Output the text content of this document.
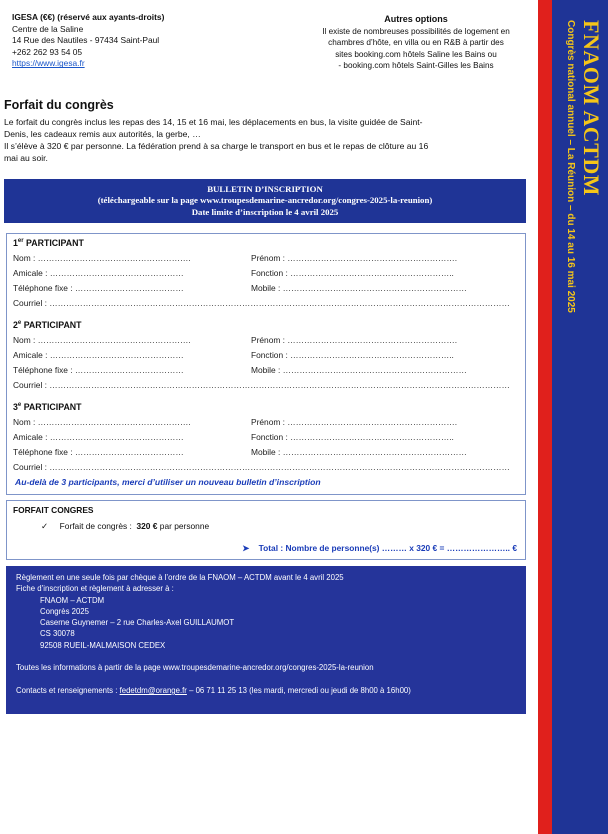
FNAOM ACTDM
Congrès national annuel – La Réunion – du 14 au 16 mai 2025
IGESA (€€) (réservé aux ayants-droits)
Centre de la Saline
14 Rue des Nautiles - 97434 Saint-Paul
+262 262 93 54 05
https://www.igesa.fr
Autres options
Il existe de nombreuses possibilités de logement en
chambres d’hôte, en villa ou en R&B à partir des
sites booking.com hôtels Saline les Bains ou
- booking.com hôtels Saint-Gilles les Bains
Forfait du congrès

Le forfait du congrès inclus les repas des 14, 15 et 16 mai, les déplacements en bus, la visite guidée de Saint-

Denis, les cadeaux remis aux autorités, la gerbe, …

Il s’élève à 320 € par personne. La fédération prend à sa charge le transport en bus et le repas de clôture au 16

mai au soir.

BULLETIN D’INSCRIPTION
(téléchargeable sur la page www.troupesdemarine-ancredor.org/congres-2025-la-reunion)
Date limite d’inscription le 4 avril 2025
1er PARTICIPANT
Nom : ……………………………………………….	Prénom : …………………………………………………….
Amicale : …………………………………………	Fonction : …………………………………………………..
Téléphone fixe : …………………………………	Mobile : …………………………………………………………
Courriel : …………………………………………………………………………………………………………………………………………………
2e PARTICIPANT
Nom : ……………………………………………….	Prénom : …………………………………………………….
Amicale : …………………………………………	Fonction : …………………………………………………..
Téléphone fixe : …………………………………	Mobile : …………………………………………………………
Courriel : …………………………………………………………………………………………………………………………………………………
3e PARTICIPANT
Nom : ……………………………………………….	Prénom : …………………………………………………….
Amicale : …………………………………………	Fonction : …………………………………………………..
Téléphone fixe : …………………………………	Mobile : …………………………………………………………
Courriel : …………………………………………………………………………………………………………………………………………………
Au-delà de 3 participants, merci d’utiliser un nouveau bulletin d’inscription
FORFAIT CONGRES
✓ Forfait de congrès : 320 € par personne
➤ Total : Nombre de personne(s) ……… x 320 € = ………………….. €
Règlement en une seule fois par chèque à l’ordre de la FNAOM – ACTDM avant le 4 avril 2025
Fiche d’inscription et règlement à adresser à :
FNAOM – ACTDM
Congrès 2025
Caserne Guynemer – 2 rue Charles-Axel GUILLAUMOT
CS 30078
92508 RUEIL-MALMAISON CEDEX
Toutes les informations à partir de la page www.troupesdemarine-ancredor.org/congres-2025-la-reunion
Contacts et renseignements : fedetdm@orange.fr – 06 71 11 25 13 (les mardi, mercredi ou jeudi de 8h00 à 16h00)
